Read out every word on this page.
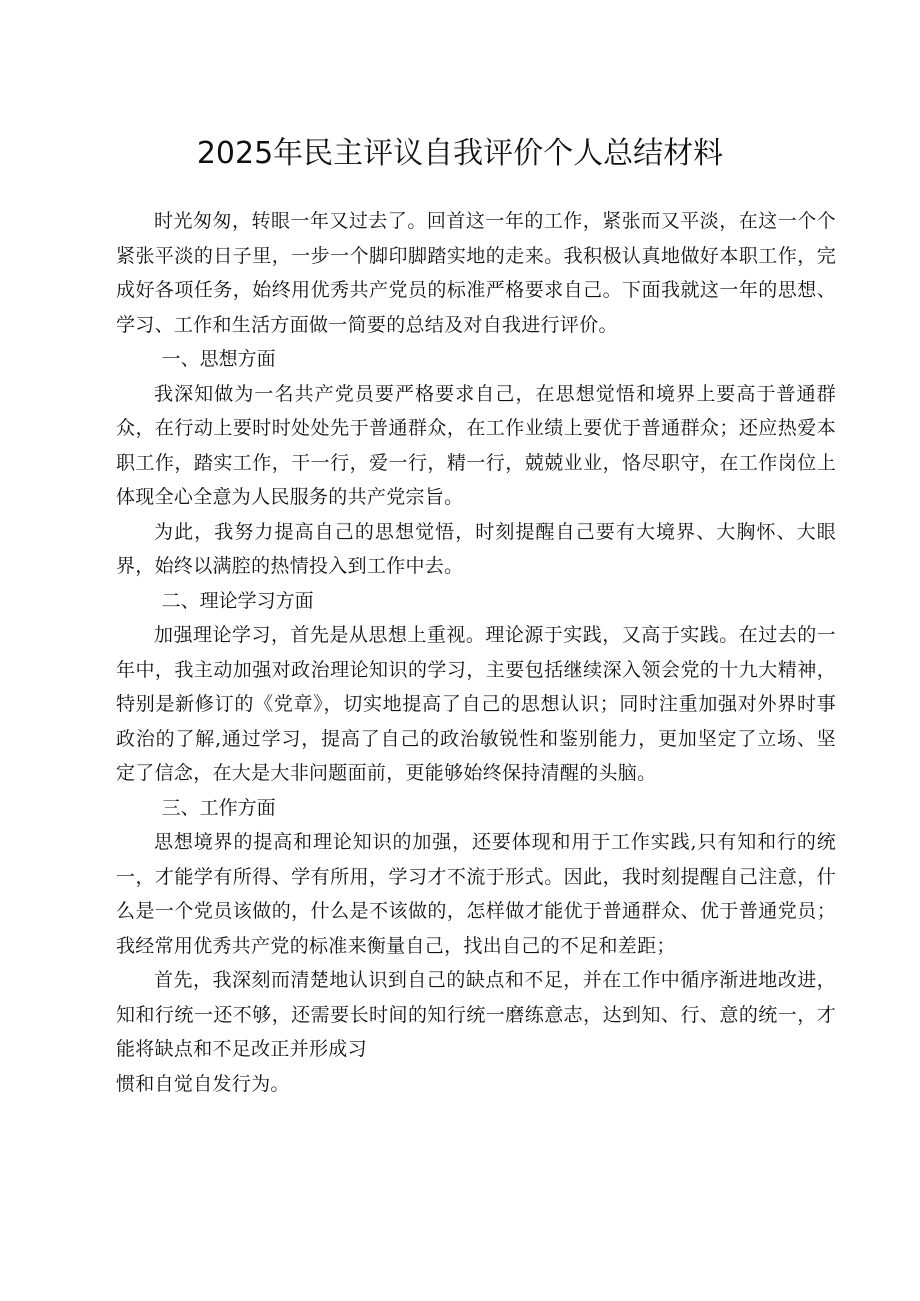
2025年民主评议自我评价个人总结材料

时光匆匆，转眼一年又过去了。回首这一年的工作，紧张而又平淡，在这一个个紧张平淡的日子里，一步一个脚印脚踏实地的走来。我积极认真地做好本职工作，完成好各项任务，始终用优秀共产党员的标准严格要求自己。下面我就这一年的思想、学习、工作和生活方面做一简要的总结及对自我进行评价。

一、思想方面

我深知做为一名共产党员要严格要求自己，在思想觉悟和境界上要高于普通群众，在行动上要时时处处先于普通群众，在工作业绩上要优于普通群众；还应热爱本职工作，踏实工作，干一行，爱一行，精一行，兢兢业业，恪尽职守，在工作岗位上体现全心全意为人民服务的共产党宗旨。

为此，我努力提高自己的思想觉悟，时刻提醒自己要有大境界、大胸怀、大眼界，始终以满腔的热情投入到工作中去。

二、理论学习方面

加强理论学习，首先是从思想上重视。理论源于实践，又高于实践。在过去的一年中，我主动加强对政治理论知识的学习，主要包括继续深入领会党的十九大精神，特别是新修订的《党章》，切实地提高了自己的思想认识；同时注重加强对外界时事政治的了解,通过学习，提高了自己的政治敏锐性和鉴别能力，更加坚定了立场、坚定了信念，在大是大非问题面前，更能够始终保持清醒的头脑。

三、工作方面

思想境界的提高和理论知识的加强，还要体现和用于工作实践,只有知和行的统一，才能学有所得、学有所用，学习才不流于形式。因此，我时刻提醒自己注意，什么是一个党员该做的，什么是不该做的，怎样做才能优于普通群众、优于普通党员；我经常用优秀共产党的标准来衡量自己，找出自己的不足和差距；

首先，我深刻而清楚地认识到自己的缺点和不足，并在工作中循序渐进地改进，知和行统一还不够，还需要长时间的知行统一磨练意志，达到知、行、意的统一，才能将缺点和不足改正并形成习
惯和自觉自发行为。
